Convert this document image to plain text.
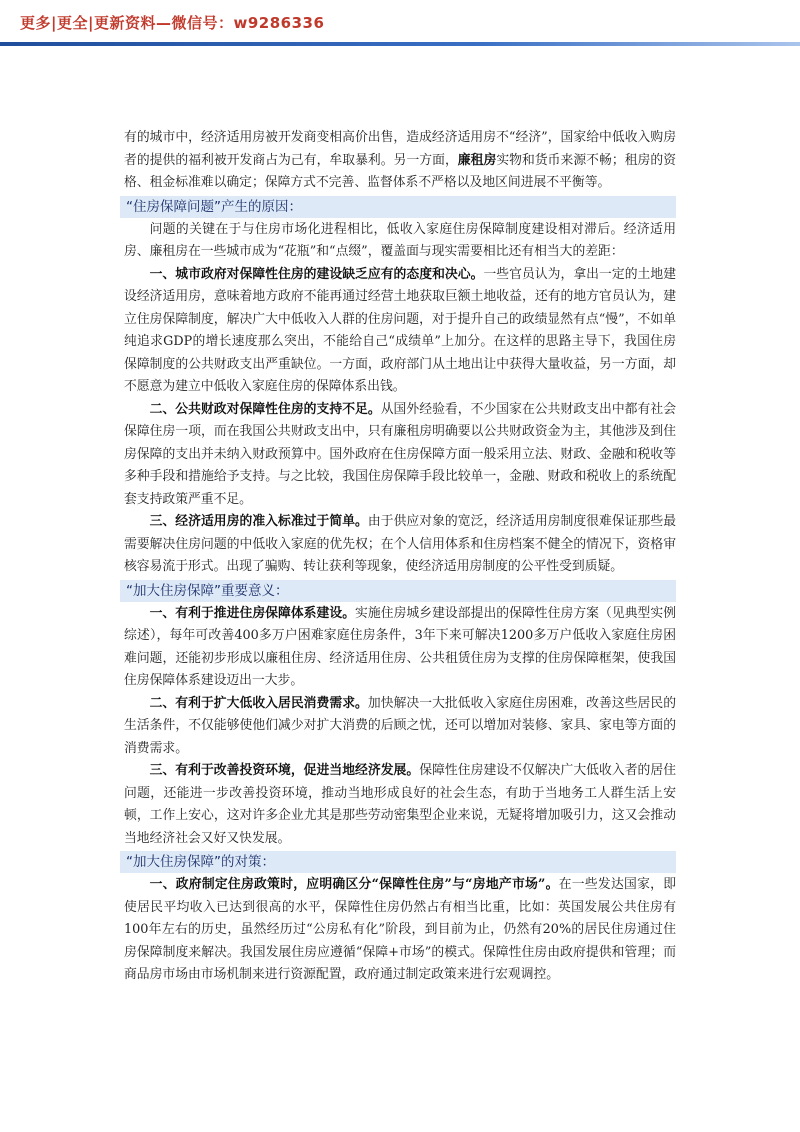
更多|更全|更新资料—微信号：w9286336

有的城市中，经济适用房被开发商变相高价出售，造成经济适用房不“经济”，国家给中低收入购房者的提供的福利被开发商占为己有，牟取暴利。另一方面，廉租房实物和货币来源不畅；租房的资格、租金标准难以确定；保障方式不完善、监督体系不严格以及地区间进展不平衡等。

“住房保障问题”产生的原因：

问题的关键在于与住房市场化进程相比，低收入家庭住房保障制度建设相对滞后。经济适用房、廉租房在一些城市成为“花瓶”和“点缀”，覆盖面与现实需要相比还有相当大的差距：

一、城市政府对保障性住房的建设缺乏应有的态度和决心。一些官员认为，拿出一定的土地建设经济适用房，意味着地方政府不能再通过经营土地获取巨额土地收益，还有的地方官员认为，建立住房保障制度，解决广大中低收入人群的住房问题，对于提升自己的政绩显然有点“慢”，不如单纯追求GDP的增长速度那么突出，不能给自己“成绩单”上加分。在这样的思路主导下，我国住房保障制度的公共财政支出严重缺位。一方面，政府部门从土地出让中获得大量收益，另一方面，却不愿意为建立中低收入家庭住房的保障体系出钱。

二、公共财政对保障性住房的支持不足。从国外经验看，不少国家在公共财政支出中都有社会保障住房一项，而在我国公共财政支出中，只有廉租房明确要以公共财政资金为主，其他涉及到住房保障的支出并未纳入财政预算中。国外政府在住房保障方面一般采用立法、财政、金融和税收等多种手段和措施给予支持。与之比较，我国住房保障手段比较单一，金融、财政和税收上的系统配套支持政策严重不足。

三、经济适用房的准入标准过于简单。由于供应对象的宽泛，经济适用房制度很难保证那些最需要解决住房问题的中低收入家庭的优先权；在个人信用体系和住房档案不健全的情况下，资格审核容易流于形式。出现了骗购、转让获利等现象，使经济适用房制度的公平性受到质疑。

“加大住房保障”重要意义：

一、有利于推进住房保障体系建设。实施住房城乡建设部提出的保障性住房方案（见典型实例综述），每年可改善400多万户困难家庭住房条件，3年下来可解决1200多万户低收入家庭住房困难问题，还能初步形成以廉租住房、经济适用住房、公共租赁住房为支撑的住房保障框架，使我国住房保障体系建设迈出一大步。

二、有利于扩大低收入居民消费需求。加快解决一大批低收入家庭住房困难，改善这些居民的生活条件，不仅能够使他们减少对扩大消费的后顾之忧，还可以增加对装修、家具、家电等方面的消费需求。

三、有利于改善投资环境，促进当地经济发展。保障性住房建设不仅解决广大低收入者的居住问题，还能进一步改善投资环境，推动当地形成良好的社会生态，有助于当地务工人群生活上安顿，工作上安心，这对许多企业尤其是那些劳动密集型企业来说，无疑将增加吸引力，这又会推动当地经济社会又好又快发展。

“加大住房保障”的对策：

一、政府制定住房政策时，应明确区分“保障性住房”与“房地产市场”。在一些发达国家，即使居民平均收入已达到很高的水平，保障性住房仍然占有相当比重，比如：英国发展公共住房有100年左右的历史，虽然经历过“公房私有化”阶段，到目前为止，仍然有20%的居民住房通过住房保障制度来解决。我国发展住房应遵循“保障+市场”的模式。保障性住房由政府提供和管理；而商品房市场由市场机制来进行资源配置，政府通过制定政策来进行宏观调控。
